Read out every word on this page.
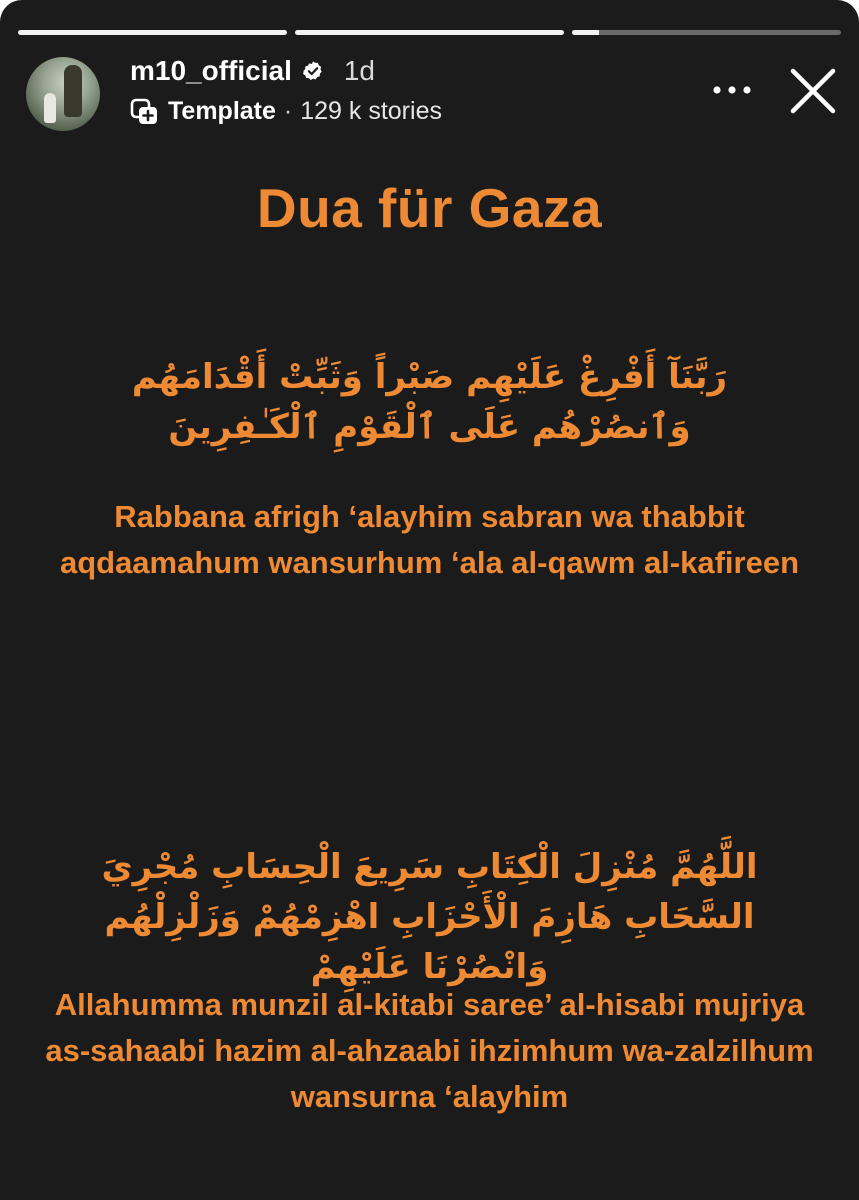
m10_official 1d
Template · 129 k stories
Dua für Gaza
رَبَّنَآ أَفْرِغْ عَلَيْهِم صَبْراً وَثَبِّتْ أَقْدَامَهُم وَٱنصُرْهُم عَلَى ٱلْقَوْمِ ٱلْكَـٰفِرِينَ
Rabbana afrigh ‘alayhim sabran wa thabbit aqdaamahum wansurhum ‘ala al-qawm al-kafireen
اللَّهُمَّ مُنْزِلَ الْكِتَابِ سَرِيعَ الْحِسَابِ مُجْرِيَ السَّحَابِ هَازِمَ الْأَحْزَابِ اهْزِمْهُمْ وَزَلْزِلْهُم وَانْصُرْنَا عَلَيْهِمْ
Allahumma munzil al-kitabi saree’ al-hisabi mujriya as-sahaabi hazim al-ahzaabi ihzimhum wa-zalzilhum wansurna ‘alayhim
